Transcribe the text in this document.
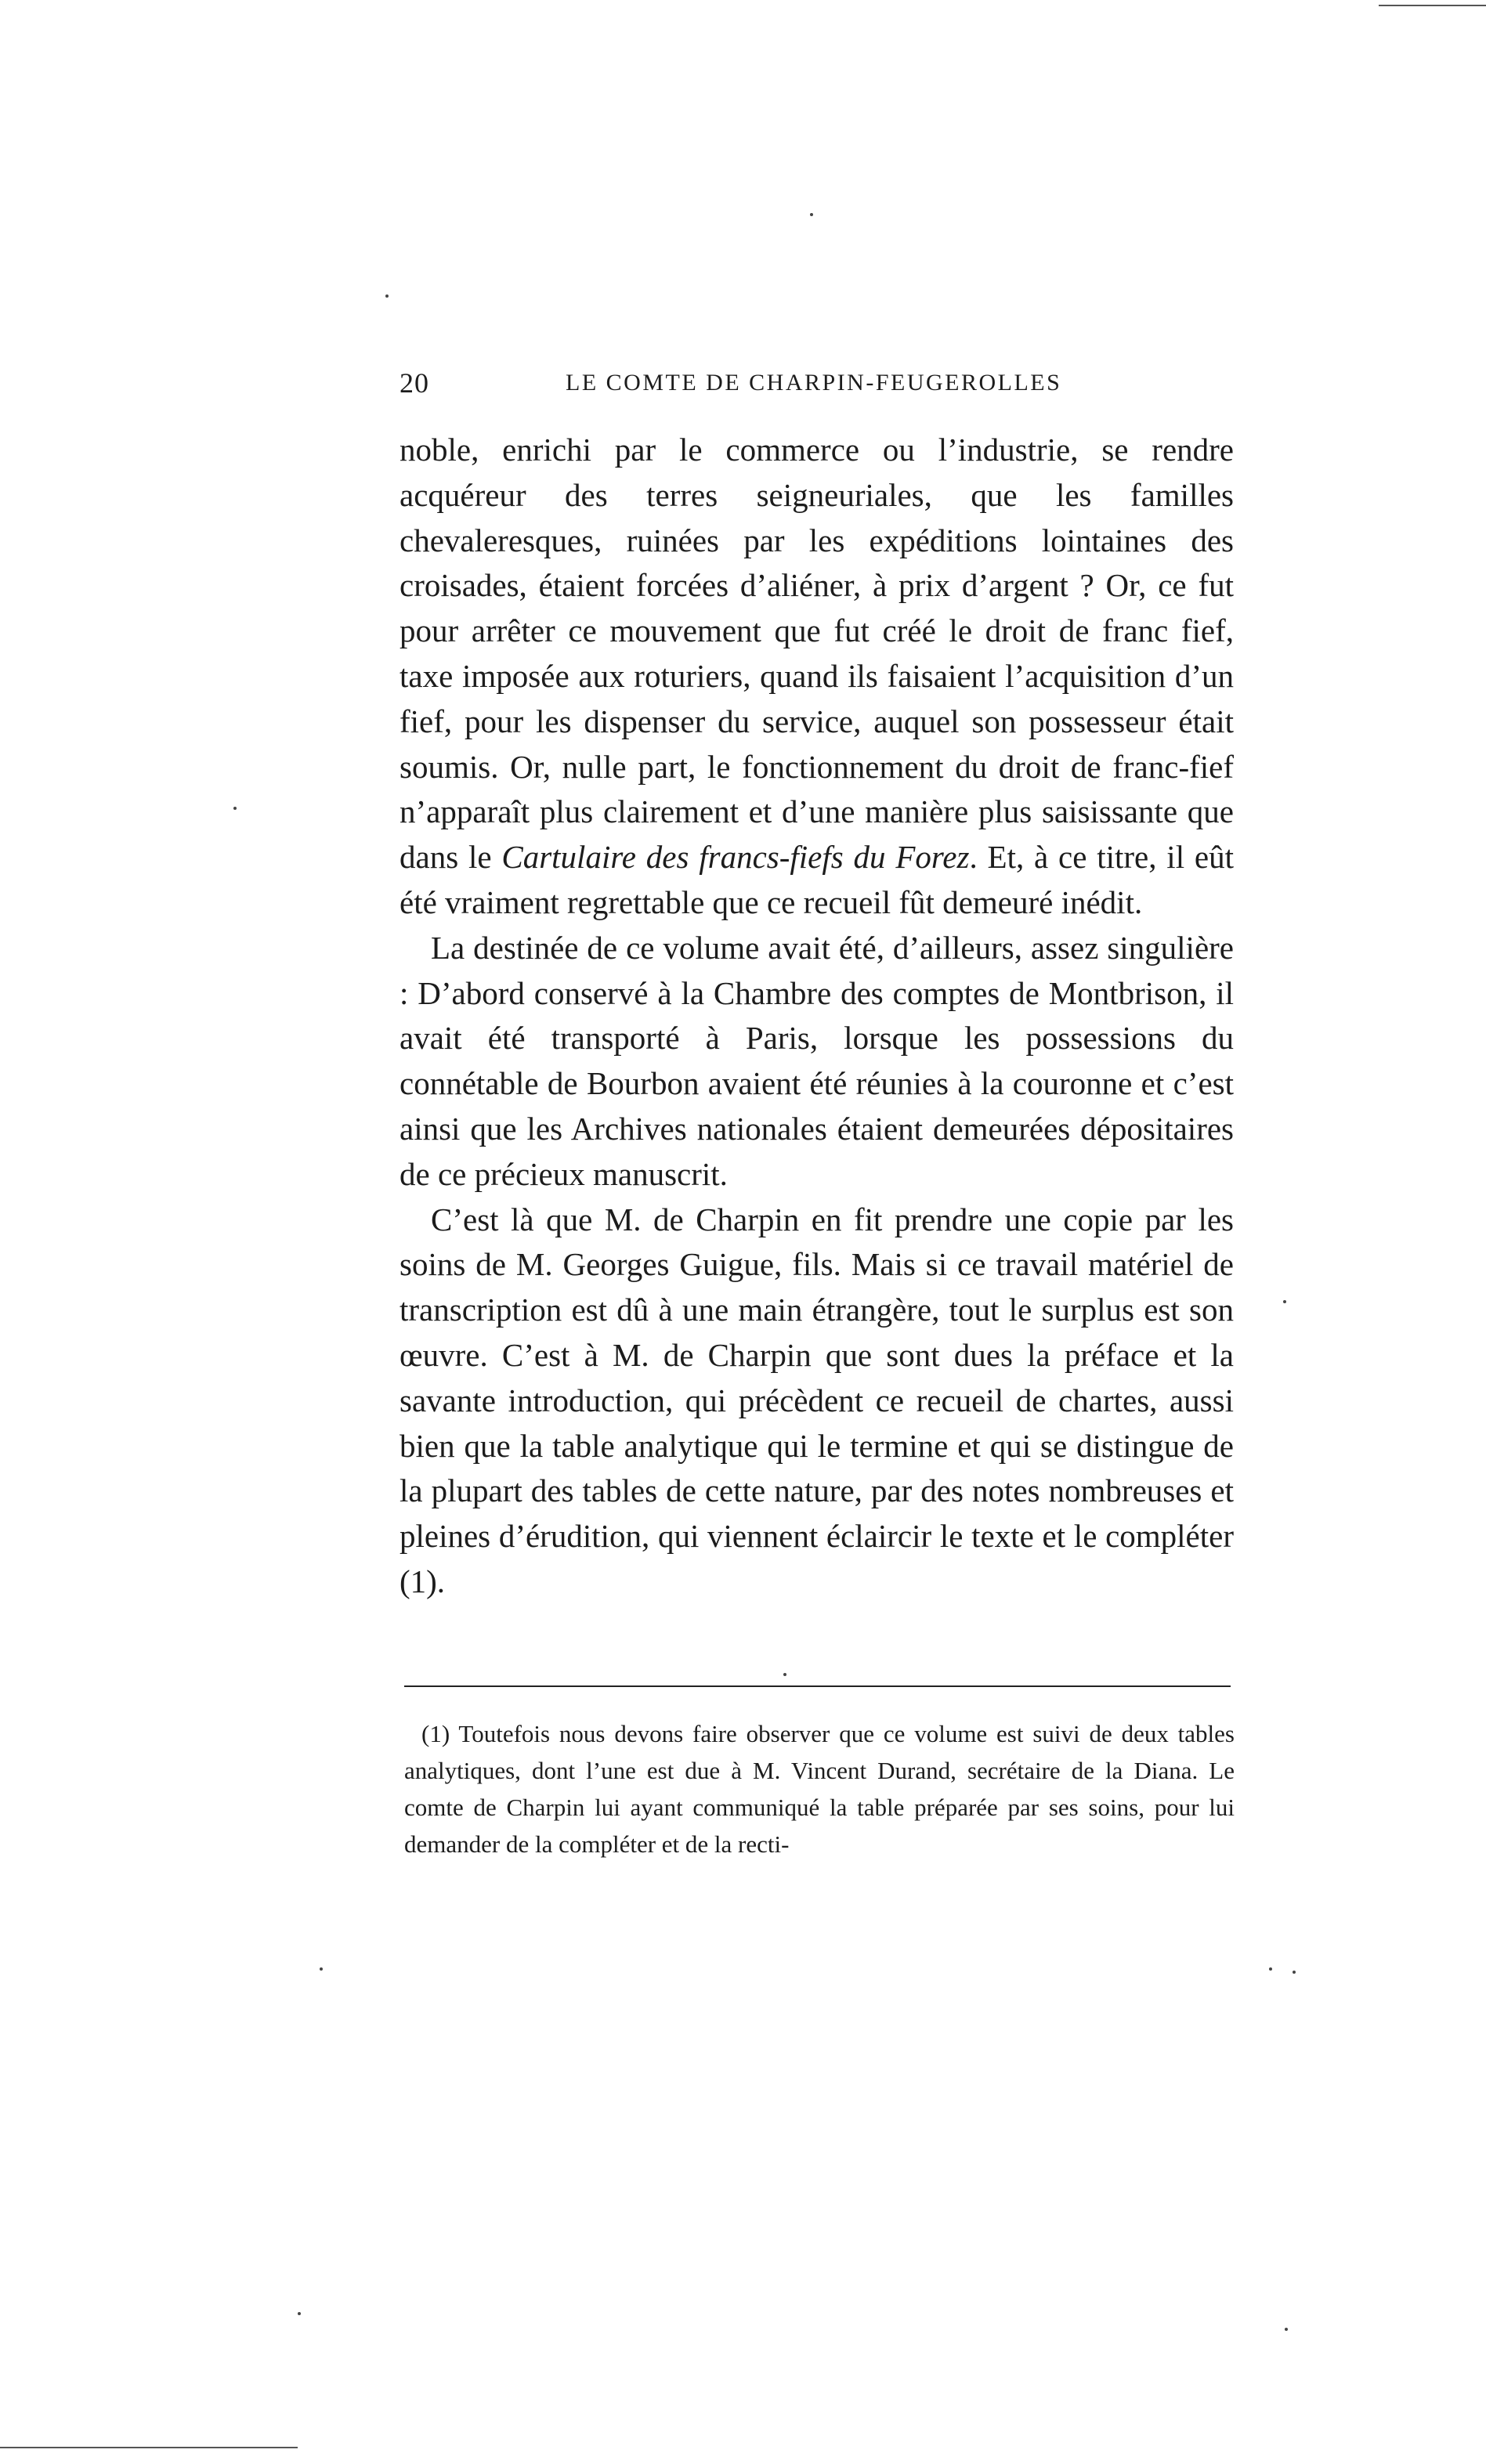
20	LE COMTE DE CHARPIN-FEUGEROLLES

noble, enrichi par le commerce ou l’industrie, se rendre acquéreur des terres seigneuriales, que les familles chevaleresques, ruinées par les expéditions lointaines des croisades, étaient forcées d’aliéner, à prix d’argent ? Or, ce fut pour arrêter ce mouvement que fut créé le droit de franc fief, taxe imposée aux roturiers, quand ils faisaient l’acquisition d’un fief, pour les dispenser du service, auquel son possesseur était soumis. Or, nulle part, le fonctionnement du droit de franc-fief n’apparaît plus clairement et d’une manière plus saisissante que dans le Cartulaire des francs-fiefs du Forez. Et, à ce titre, il eût été vraiment regrettable que ce recueil fût demeuré inédit.

La destinée de ce volume avait été, d’ailleurs, assez singulière : D’abord conservé à la Chambre des comptes de Montbrison, il avait été transporté à Paris, lorsque les possessions du connétable de Bourbon avaient été réunies à la couronne et c’est ainsi que les Archives nationales étaient demeurées dépositaires de ce précieux manuscrit.

C’est là que M. de Charpin en fit prendre une copie par les soins de M. Georges Guigue, fils. Mais si ce travail matériel de transcription est dû à une main étrangère, tout le surplus est son œuvre. C’est à M. de Charpin que sont dues la préface et la savante introduction, qui précèdent ce recueil de chartes, aussi bien que la table analytique qui le termine et qui se distingue de la plupart des tables de cette nature, par des notes nombreuses et pleines d’érudition, qui viennent éclaircir le texte et le compléter (1).

(1) Toutefois nous devons faire observer que ce volume est suivi de deux tables analytiques, dont l’une est due à M. Vincent Durand, secrétaire de la Diana. Le comte de Charpin lui ayant communiqué la table préparée par ses soins, pour lui demander de la compléter et de la recti-
